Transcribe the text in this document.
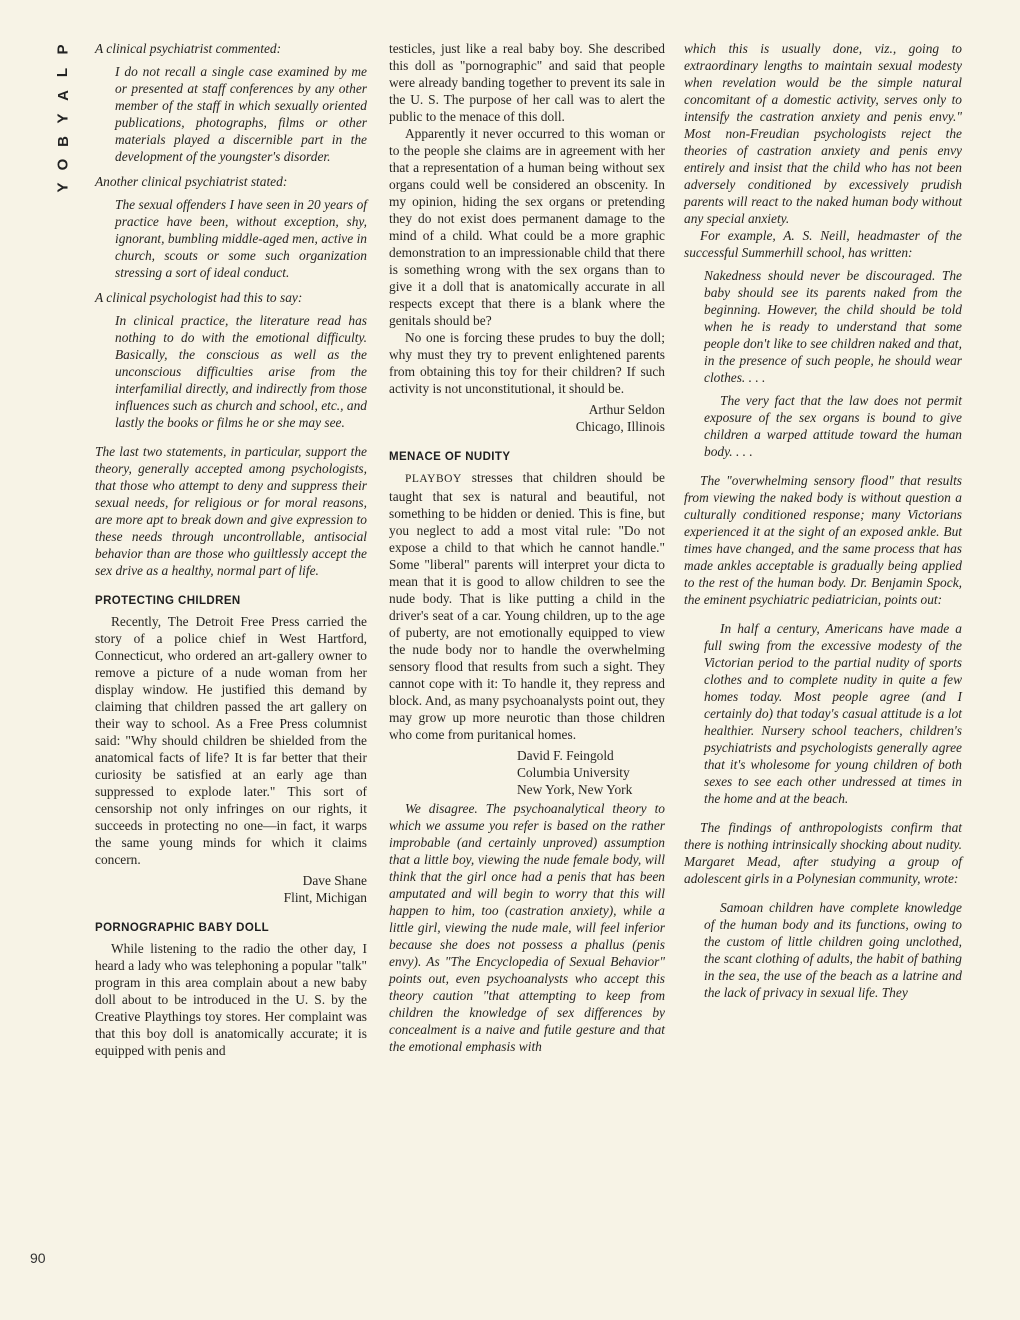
P
L
A
Y
B
O
Y
90

A clinical psychiatrist commented:

I do not recall a single case examined by me or presented at staff conferences by any other member of the staff in which sexually oriented publications, photographs, films or other materials played a discernible part in the development of the youngster's disorder.

Another clinical psychiatrist stated:

The sexual offenders I have seen in 20 years of practice have been, without exception, shy, ignorant, bumbling middle-aged men, active in church, scouts or some such organization stressing a sort of ideal conduct.

A clinical psychologist had this to say:

In clinical practice, the literature read has nothing to do with the emotional difficulty. Basically, the conscious as well as the unconscious difficulties arise from the interfamilial directly, and indirectly from those influences such as church and school, etc., and lastly the books or films he or she may see.

The last two statements, in particular, support the theory, generally accepted among psychologists, that those who attempt to deny and suppress their sexual needs, for religious or for moral reasons, are more apt to break down and give expression to these needs through uncontrollable, antisocial behavior than are those who guiltlessly accept the sex drive as a healthy, normal part of life.

PROTECTING CHILDREN

Recently, The Detroit Free Press carried the story of a police chief in West Hartford, Connecticut, who ordered an art-gallery owner to remove a picture of a nude woman from her display window. He justified this demand by claiming that children passed the art gallery on their way to school. As a Free Press columnist said: "Why should children be shielded from the anatomical facts of life? It is far better that their curiosity be satisfied at an early age than suppressed to explode later." This sort of censorship not only infringes on our rights, it succeeds in protecting no one—in fact, it warps the same young minds for which it claims concern.

Dave Shane
Flint, Michigan
PORNOGRAPHIC BABY DOLL

While listening to the radio the other day, I heard a lady who was telephoning a popular "talk" program in this area complain about a new baby doll about to be introduced in the U. S. by the Creative Playthings toy stores. Her complaint was that this boy doll is anatomically accurate; it is equipped with penis and

testicles, just like a real baby boy. She described this doll as "pornographic" and said that people were already banding together to prevent its sale in the U. S. The purpose of her call was to alert the public to the menace of this doll.

Apparently it never occurred to this woman or to the people she claims are in agreement with her that a representation of a human being without sex organs could well be considered an obscenity. In my opinion, hiding the sex organs or pretending they do not exist does permanent damage to the mind of a child. What could be a more graphic demonstration to an impressionable child that there is something wrong with the sex organs than to give it a doll that is anatomically accurate in all respects except that there is a blank where the genitals should be?

No one is forcing these prudes to buy the doll; why must they try to prevent enlightened parents from obtaining this toy for their children? If such activity is not unconstitutional, it should be.

Arthur Seldon
Chicago, Illinois
MENACE OF NUDITY

PLAYBOY stresses that children should be taught that sex is natural and beautiful, not something to be hidden or denied. This is fine, but you neglect to add a most vital rule: "Do not expose a child to that which he cannot handle." Some "liberal" parents will interpret your dicta to mean that it is good to allow children to see the nude body. That is like putting a child in the driver's seat of a car. Young children, up to the age of puberty, are not emotionally equipped to view the nude body nor to handle the overwhelming sensory flood that results from such a sight. They cannot cope with it: To handle it, they repress and block. And, as many psychoanalysts point out, they may grow up more neurotic than those children who come from puritanical homes.

David F. Feingold
Columbia University
New York, New York

We disagree. The psychoanalytical theory to which we assume you refer is based on the rather improbable (and certainly unproved) assumption that a little boy, viewing the nude female body, will think that the girl once had a penis that has been amputated and will begin to worry that this will happen to him, too (castration anxiety), while a little girl, viewing the nude male, will feel inferior because she does not possess a phallus (penis envy). As "The Encyclopedia of Sexual Behavior" points out, even psychoanalysts who accept this theory caution "that attempting to keep from children the knowledge of sex differences by concealment is a naive and futile gesture and that the emotional emphasis with

which this is usually done, viz., going to extraordinary lengths to maintain sexual modesty when revelation would be the simple natural concomitant of a domestic activity, serves only to intensify the castration anxiety and penis envy." Most non-Freudian psychologists reject the theories of castration anxiety and penis envy entirely and insist that the child who has not been adversely conditioned by excessively prudish parents will react to the naked human body without any special anxiety.

For example, A. S. Neill, headmaster of the successful Summerhill school, has written:

Nakedness should never be discouraged. The baby should see its parents naked from the beginning. However, the child should be told when he is ready to understand that some people don't like to see children naked and that, in the presence of such people, he should wear clothes. . . .

The very fact that the law does not permit exposure of the sex organs is bound to give children a warped attitude toward the human body. . . .

The "overwhelming sensory flood" that results from viewing the naked body is without question a culturally conditioned response; many Victorians experienced it at the sight of an exposed ankle. But times have changed, and the same process that has made ankles acceptable is gradually being applied to the rest of the human body. Dr. Benjamin Spock, the eminent psychiatric pediatrician, points out:

In half a century, Americans have made a full swing from the excessive modesty of the Victorian period to the partial nudity of sports clothes and to complete nudity in quite a few homes today. Most people agree (and I certainly do) that today's casual attitude is a lot healthier. Nursery school teachers, children's psychiatrists and psychologists generally agree that it's wholesome for young children of both sexes to see each other undressed at times in the home and at the beach.

The findings of anthropologists confirm that there is nothing intrinsically shocking about nudity. Margaret Mead, after studying a group of adolescent girls in a Polynesian community, wrote:

Samoan children have complete knowledge of the human body and its functions, owing to the custom of little children going unclothed, the scant clothing of adults, the habit of bathing in the sea, the use of the beach as a latrine and the lack of privacy in sexual life. They
